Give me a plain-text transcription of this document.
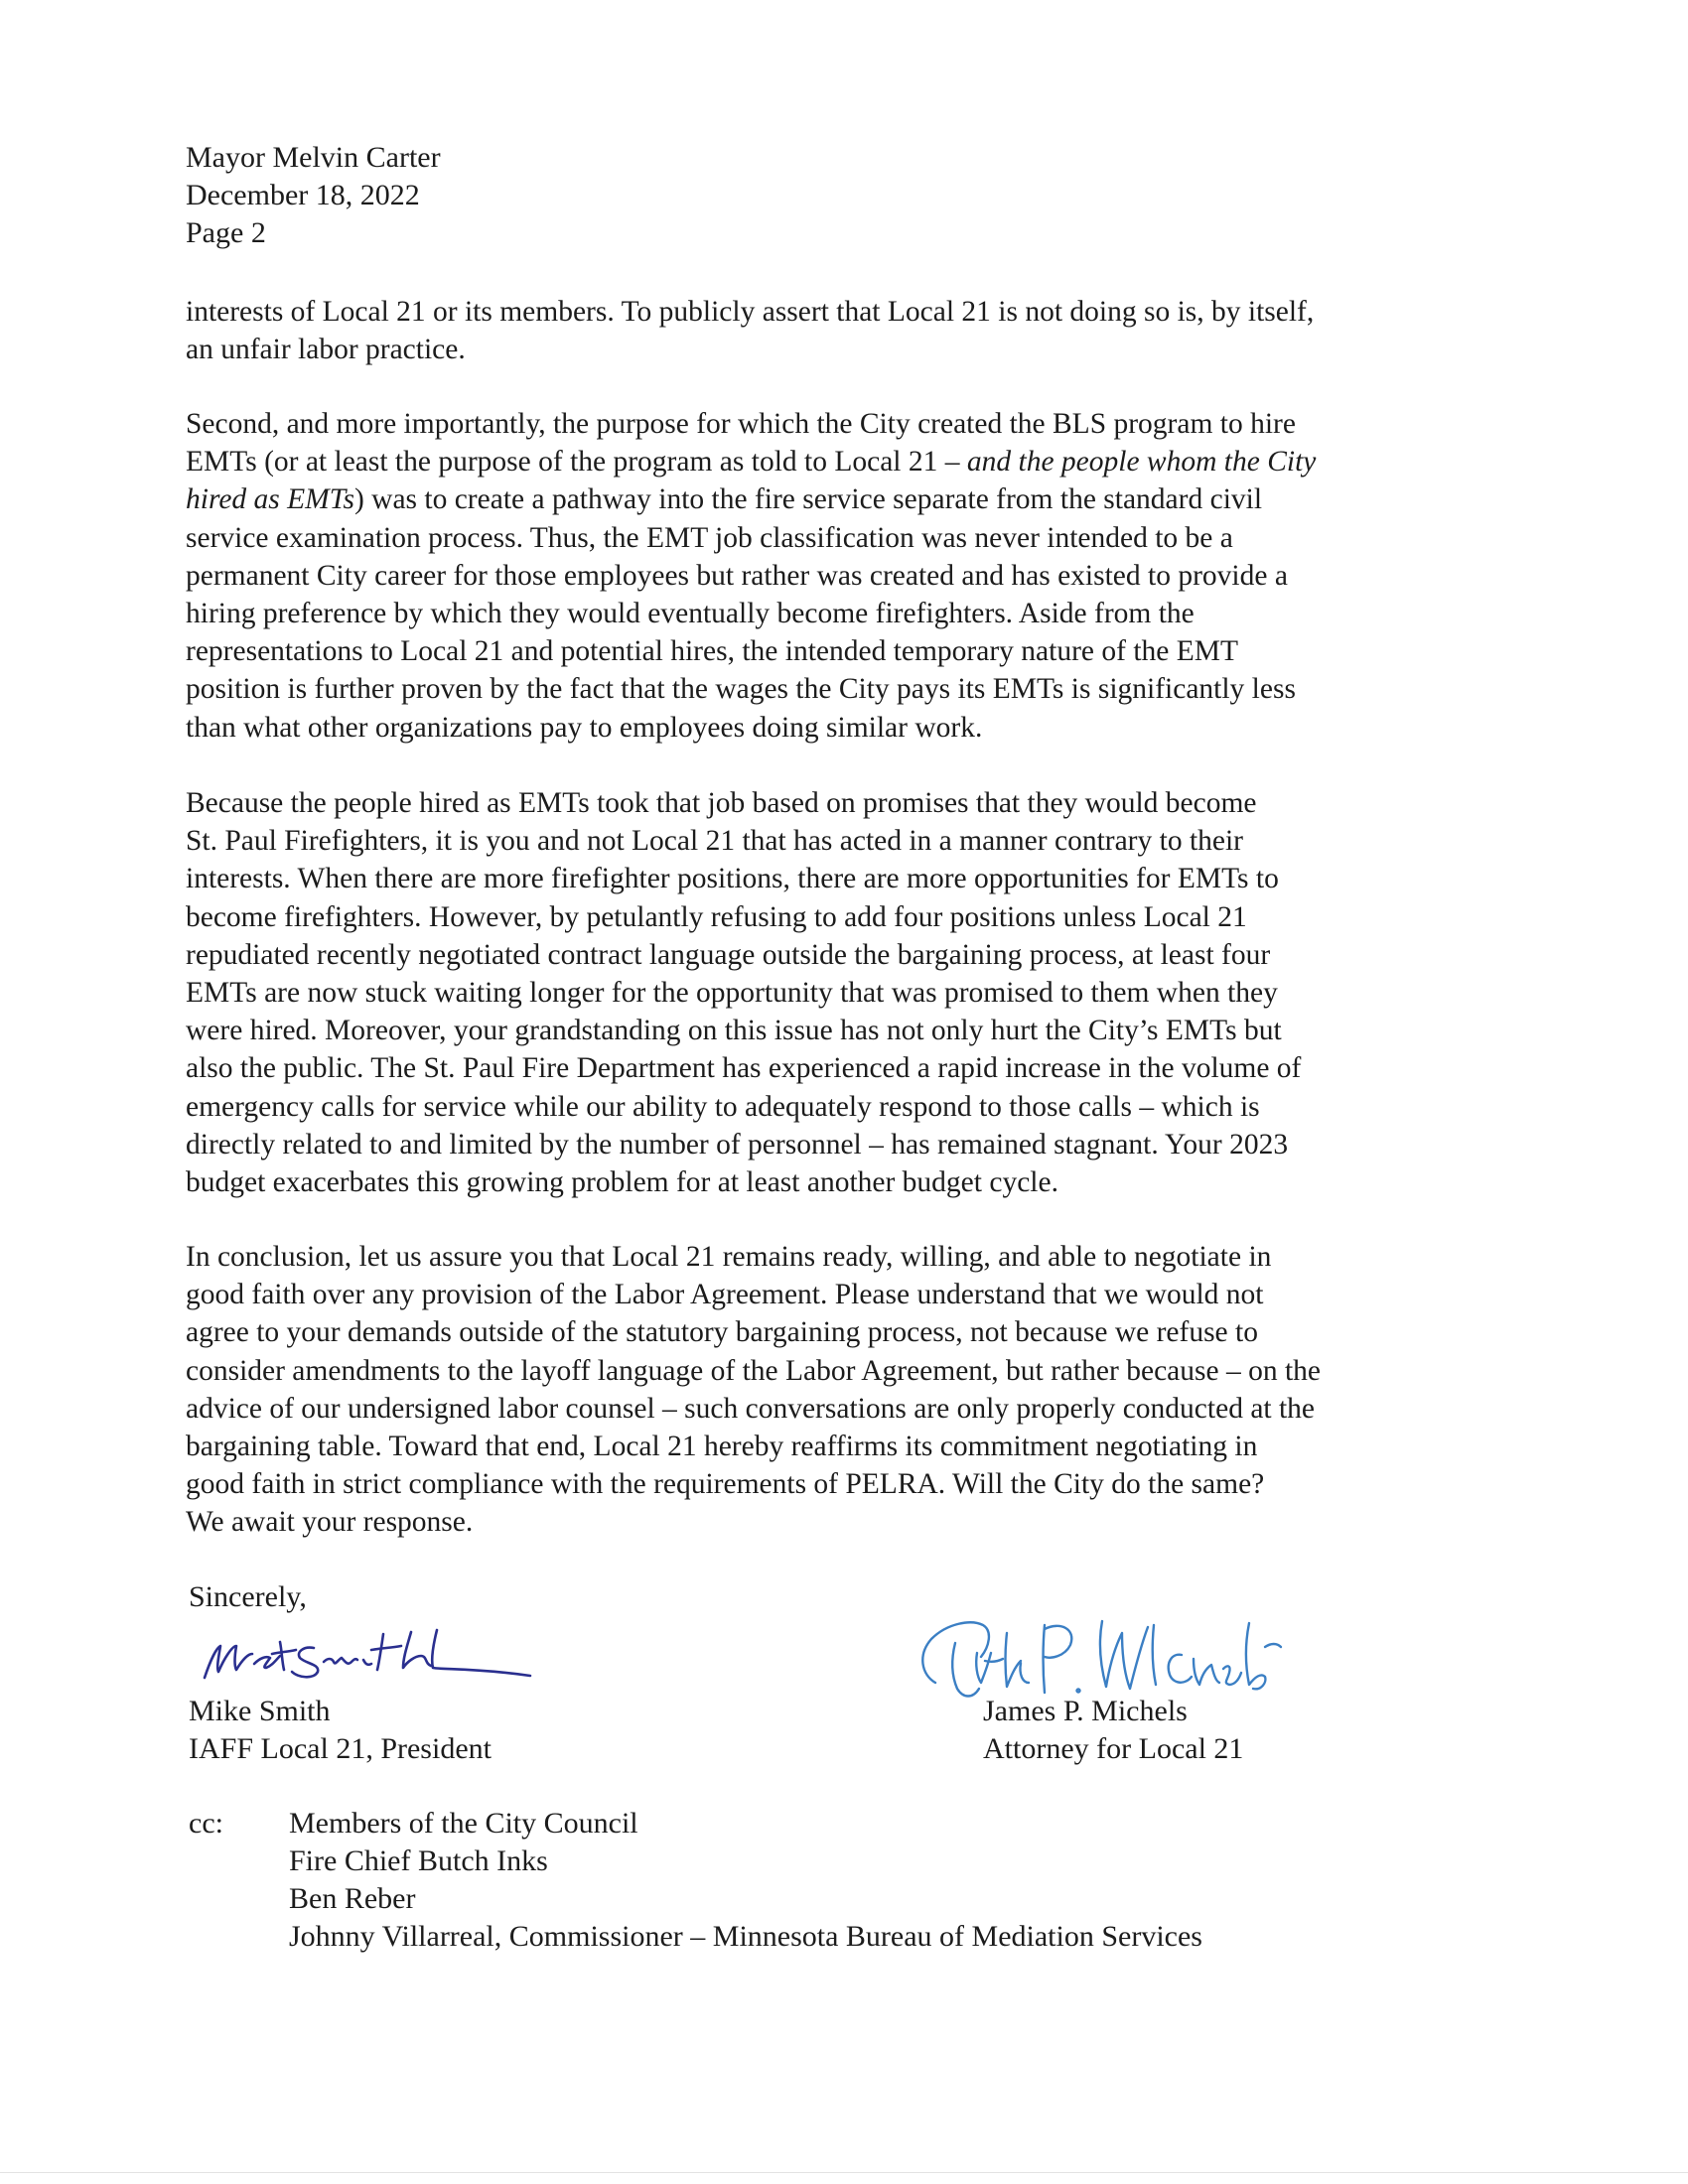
Mayor Melvin Carter
December 18, 2022
Page 2

interests of Local 21 or its members. To publicly assert that Local 21 is not doing so is, by itself,
an unfair labor practice.

Second, and more importantly, the purpose for which the City created the BLS program to hire
EMTs (or at least the purpose of the program as told to Local 21 – and the people whom the City
hired as EMTs) was to create a pathway into the fire service separate from the standard civil
service examination process. Thus, the EMT job classification was never intended to be a
permanent City career for those employees but rather was created and has existed to provide a
hiring preference by which they would eventually become firefighters. Aside from the
representations to Local 21 and potential hires, the intended temporary nature of the EMT
position is further proven by the fact that the wages the City pays its EMTs is significantly less
than what other organizations pay to employees doing similar work.

Because the people hired as EMTs took that job based on promises that they would become
St. Paul Firefighters, it is you and not Local 21 that has acted in a manner contrary to their
interests. When there are more firefighter positions, there are more opportunities for EMTs to
become firefighters. However, by petulantly refusing to add four positions unless Local 21
repudiated recently negotiated contract language outside the bargaining process, at least four
EMTs are now stuck waiting longer for the opportunity that was promised to them when they
were hired. Moreover, your grandstanding on this issue has not only hurt the City’s EMTs but
also the public. The St. Paul Fire Department has experienced a rapid increase in the volume of
emergency calls for service while our ability to adequately respond to those calls – which is
directly related to and limited by the number of personnel – has remained stagnant. Your 2023
budget exacerbates this growing problem for at least another budget cycle.

In conclusion, let us assure you that Local 21 remains ready, willing, and able to negotiate in
good faith over any provision of the Labor Agreement. Please understand that we would not
agree to your demands outside of the statutory bargaining process, not because we refuse to
consider amendments to the layoff language of the Labor Agreement, but rather because – on the
advice of our undersigned labor counsel – such conversations are only properly conducted at the
bargaining table. Toward that end, Local 21 hereby reaffirms its commitment negotiating in
good faith in strict compliance with the requirements of PELRA. Will the City do the same?
We await your response.

Sincerely,
Mike Smith
IAFF Local 21, President
James P. Michels
Attorney for Local 21
cc: Members of the City Council
Fire Chief Butch Inks
Ben Reber
Johnny Villarreal, Commissioner – Minnesota Bureau of Mediation Services
